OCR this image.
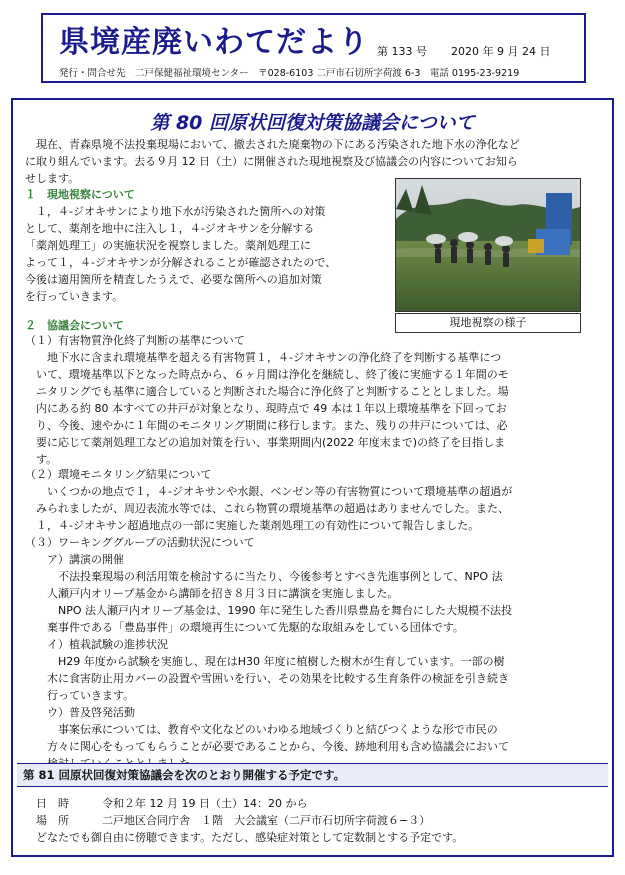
県境産廃いわてだより 第 133 号 2020 年 9 月 24 日
発行・問合せ先　二戸保健福祉環境センター　〒028-6103 二戸市石切所字荷渡 6-3　電話 0195-23-9219
第 80 回原状回復対策協議会について
　現在、青森県境不法投棄現場において、撤去された廃棄物の下にある汚染された地下水の浄化など
に取り組んでいます。去る９月 12 日（土）に開催された現地視察及び協議会の内容についてお知ら
せします。
１　現地視察について
　１，４-ジオキサンにより地下水が汚染された箇所への対策
として、薬剤を地中に注入し１，４-ジオキサンを分解する
「薬剤処理工」の実施状況を視察しました。薬剤処理工に
よって１，４-ジオキサンが分解されることが確認されたので、
今後は適用箇所を精査したうえで、必要な箇所への追加対策
を行っていきます。
現地視察の様子
２　協議会について
（１）有害物質浄化終了判断の基準について
　　地下水に含まれ環境基準を超える有害物質１，４-ジオキサンの浄化終了を判断する基準につ
　いて、環境基準以下となった時点から、６ヶ月間は浄化を継続し、終了後に実施する１年間のモ
　ニタリングでも基準に適合していると判断された場合に浄化終了と判断することとしました。場
　内にある約 80 本すべての井戸が対象となり、現時点で 49 本は１年以上環境基準を下回ってお
　り、今後、速やかに１年間のモニタリング期間に移行します。また、残りの井戸については、必
　要に応じて薬剤処理工などの追加対策を行い、事業期間内(2022 年度末まで)の終了を目指しま
　す。
（２）環境モニタリング結果について
　　いくつかの地点で１，４-ジオキサンや水銀、ベンゼン等の有害物質について環境基準の超過が
　みられましたが、周辺表流水等では、これら物質の環境基準の超過はありませんでした。また、
　１，４-ジオキサン超過地点の一部に実施した薬剤処理工の有効性について報告しました。
（３）ワーキンググループの活動状況について
　　ア）講演の開催
　　　不法投棄現場の利活用策を検討するに当たり、今後参考とすべき先進事例として、NPO 法
　　人瀬戸内オリーブ基金から講師を招き８月３日に講演を実施しました。
　　　NPO 法人瀬戸内オリーブ基金は、1990 年に発生した香川県豊島を舞台にした大規模不法投
　　棄事件である「豊島事件」の環境再生について先駆的な取組みをしている団体です。
　　イ）植栽試験の進捗状況
　　　H29 年度から試験を実施し、現在はH30 年度に植樹した樹木が生育しています。一部の樹
　　木に食害防止用カバーの設置や雪囲いを行い、その効果を比較する生育条件の検証を引き続き
　　行っていきます。
　　ウ）普及啓発活動
　　　事案伝承については、教育や文化などのいわゆる地域づくりと結びつくような形で市民の
　　方々に関心をもってもらうことが必要であることから、今後、跡地利用も含め協議会において
第 81 回原状回復対策協議会を次のとおり開催する予定です。
　日　時　　　令和２年 12 月 19 日（土）14：20 から
　場　所　　　二戸地区合同庁舎　１階　大会議室（二戸市石切所字荷渡６−３）
　どなたでも御自由に傍聴できます。ただし、感染症対策として定数制とする予定です。
